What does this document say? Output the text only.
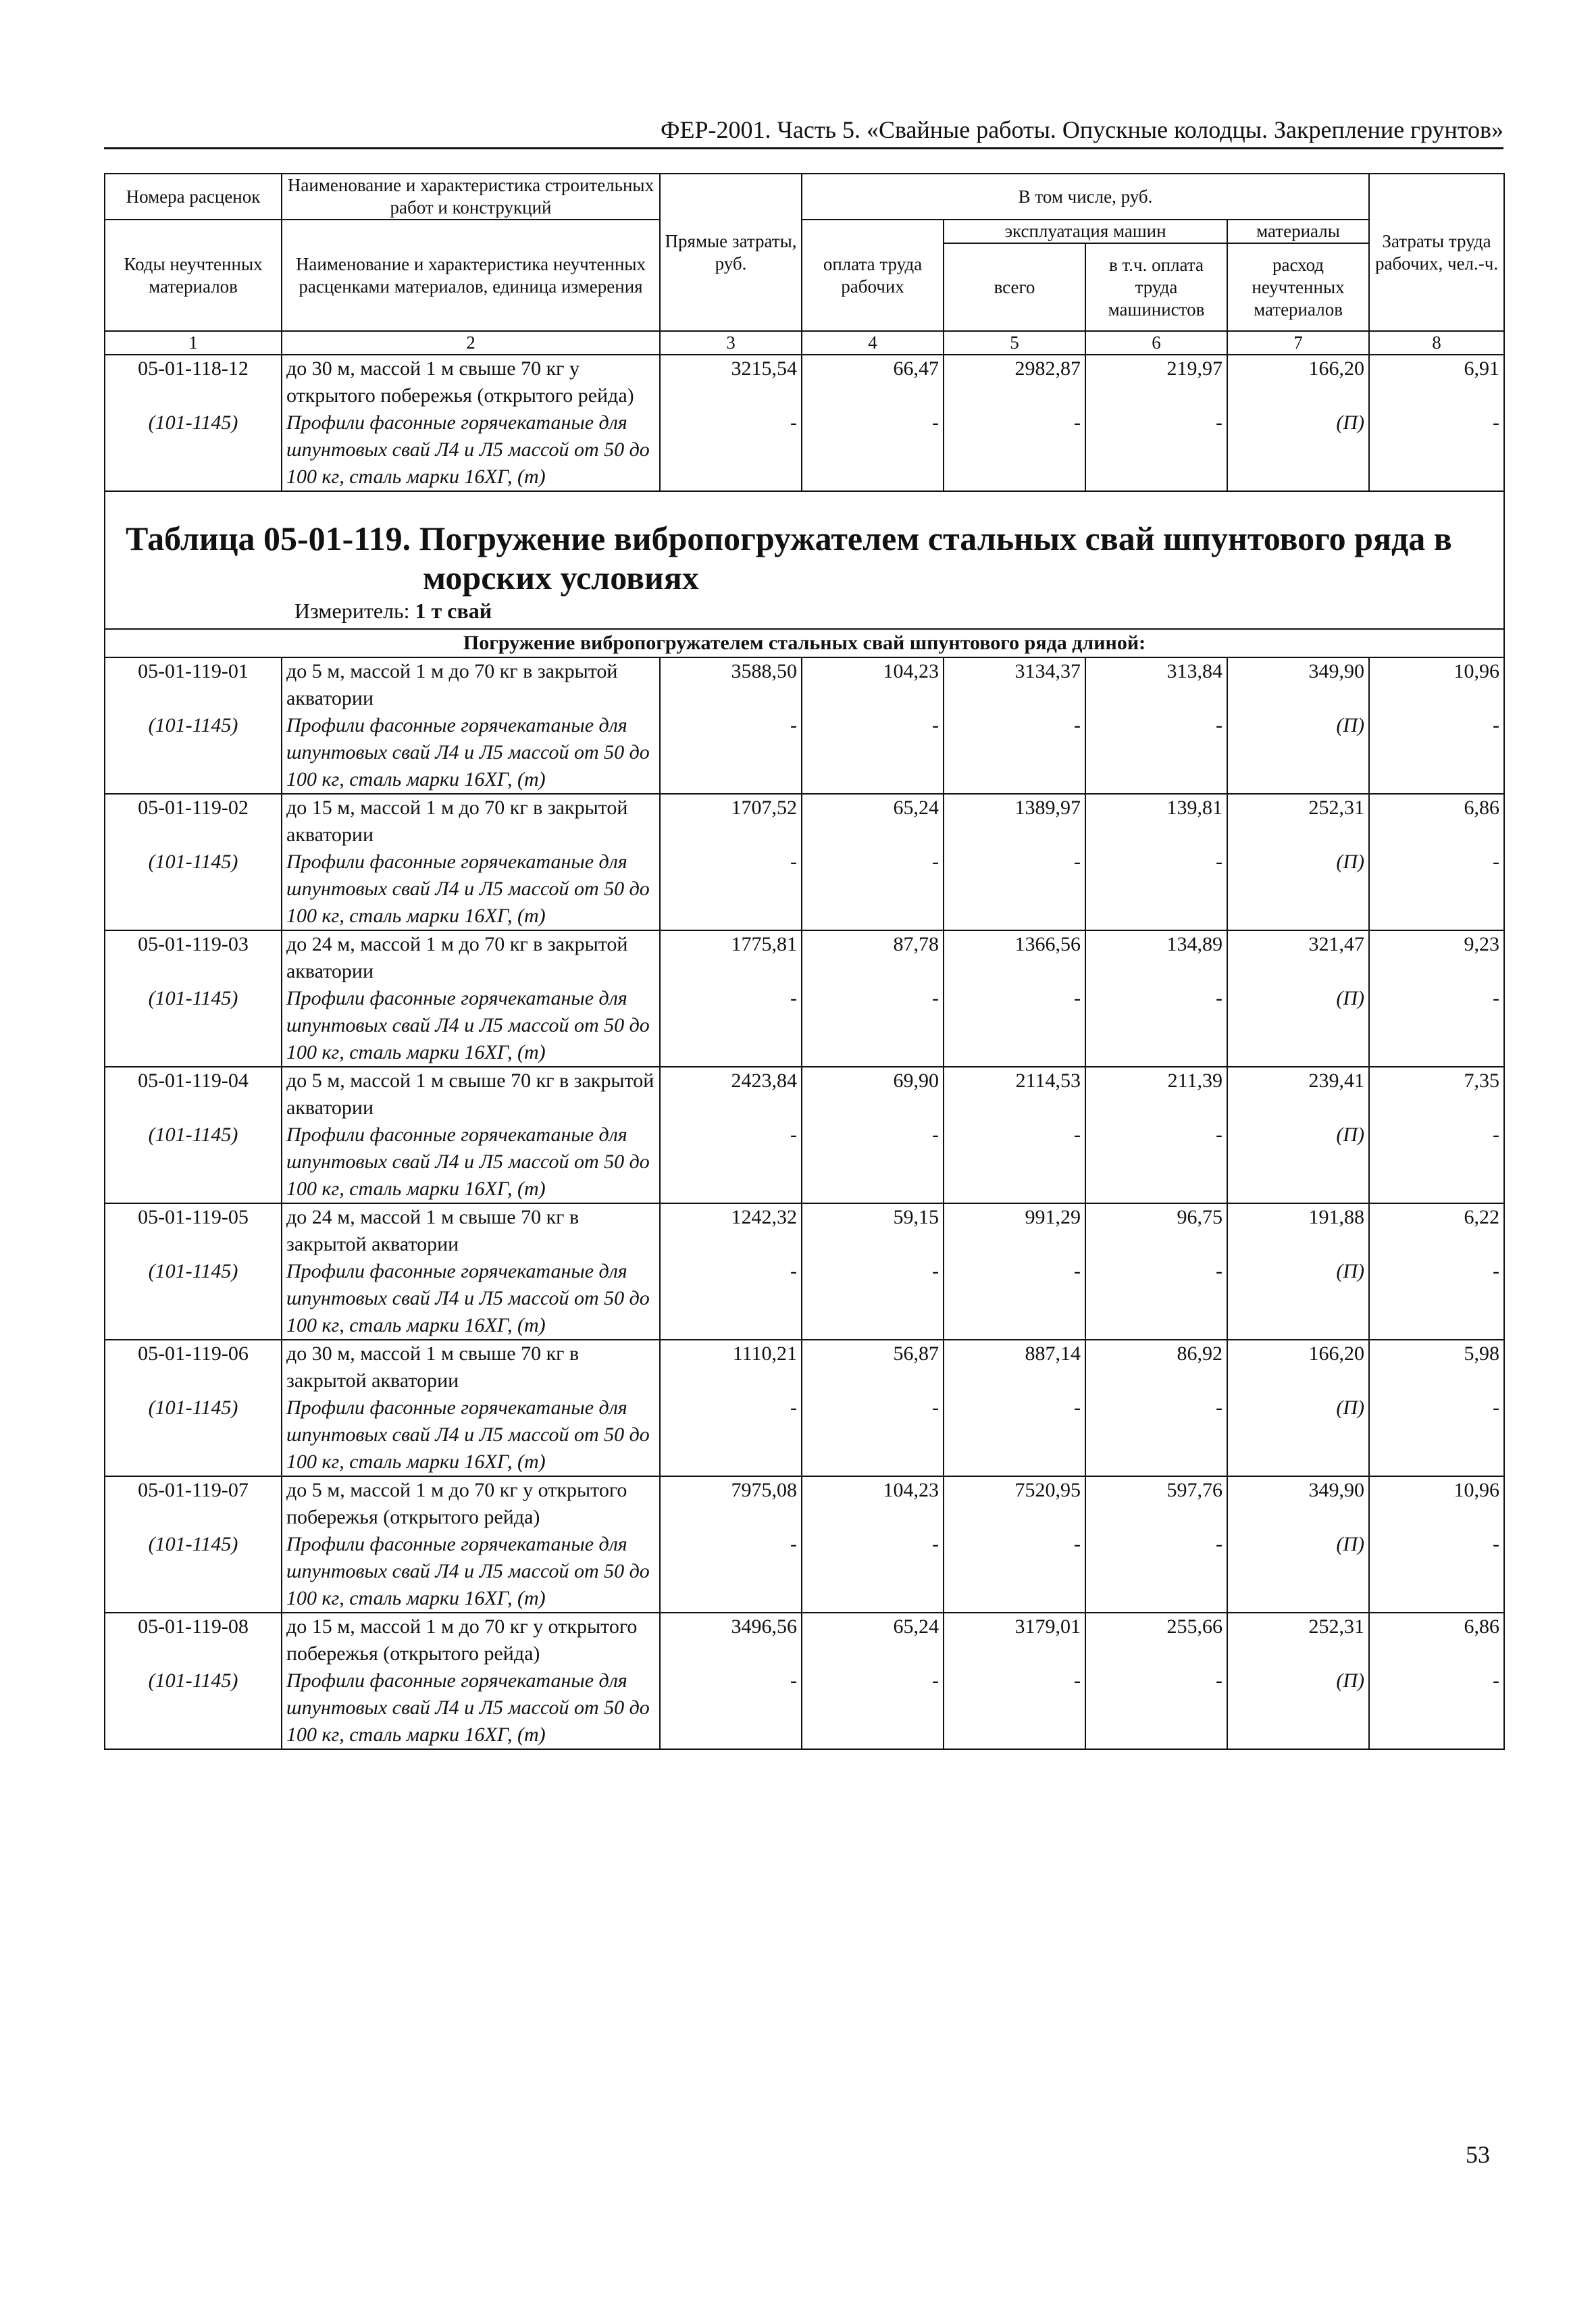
ФЕР-2001. Часть 5. «Свайные работы. Опускные колодцы. Закрепление грунтов»
Номера расценок	Наименование и характеристика строительных работ и конструкций	Прямые затраты, руб.	В том числе, руб.				Затраты труда рабочих, чел.-ч.
Коды неучтенных материалов	Наименование и характеристика неучтенных расценками материалов, единица измерения		оплата труда рабочих	эксплуатация машин		материалы	
				всего	в т.ч. оплата труда машинистов	расход неучтенных материалов	
1	2	3	4	5	6	7	8
05-01-118-12	до 30 м, массой 1 м свыше 70 кг у открытого побережья (открытого рейда)	3215,54	66,47	2982,87	219,97	166,20	6,91
(101-1145)	Профили фасонные горячекатаные для шпунтовых свай Л4 и Л5 массой от 50 до 100 кг, сталь марки 16ХГ, (т)	-	-	-	-	(П)	-

Таблица 05-01-119. Погружение вибропогружателем стальных свай шпунтового ряда в
морских условиях
Измеритель: 1 т свай							

Погружение вибропогружателем стальных свай шпунтового ряда длиной:							
05-01-119-01	до 5 м, массой 1 м до 70 кг в закрытой акватории	3588,50	104,23	3134,37	313,84	349,90	10,96
(101-1145)	Профили фасонные горячекатаные для шпунтовых свай Л4 и Л5 массой от 50 до 100 кг, сталь марки 16ХГ, (т)	-	-	-	-	(П)	-
05-01-119-02	до 15 м, массой 1 м до 70 кг в закрытой акватории	1707,52	65,24	1389,97	139,81	252,31	6,86
(101-1145)	Профили фасонные горячекатаные для шпунтовых свай Л4 и Л5 массой от 50 до 100 кг, сталь марки 16ХГ, (т)	-	-	-	-	(П)	-
05-01-119-03	до 24 м, массой 1 м до 70 кг в закрытой акватории	1775,81	87,78	1366,56	134,89	321,47	9,23
(101-1145)	Профили фасонные горячекатаные для шпунтовых свай Л4 и Л5 массой от 50 до 100 кг, сталь марки 16ХГ, (т)	-	-	-	-	(П)	-
05-01-119-04	до 5 м, массой 1 м свыше 70 кг в закрытой акватории	2423,84	69,90	2114,53	211,39	239,41	7,35
(101-1145)	Профили фасонные горячекатаные для шпунтовых свай Л4 и Л5 массой от 50 до 100 кг, сталь марки 16ХГ, (т)	-	-	-	-	(П)	-
05-01-119-05	до 24 м, массой 1 м свыше 70 кг в закрытой акватории	1242,32	59,15	991,29	96,75	191,88	6,22
(101-1145)	Профили фасонные горячекатаные для шпунтовых свай Л4 и Л5 массой от 50 до 100 кг, сталь марки 16ХГ, (т)	-	-	-	-	(П)	-
05-01-119-06	до 30 м, массой 1 м свыше 70 кг в закрытой акватории	1110,21	56,87	887,14	86,92	166,20	5,98
(101-1145)	Профили фасонные горячекатаные для шпунтовых свай Л4 и Л5 массой от 50 до 100 кг, сталь марки 16ХГ, (т)	-	-	-	-	(П)	-
05-01-119-07	до 5 м, массой 1 м до 70 кг у открытого побережья (открытого рейда)	7975,08	104,23	7520,95	597,76	349,90	10,96
(101-1145)	Профили фасонные горячекатаные для шпунтовых свай Л4 и Л5 массой от 50 до 100 кг, сталь марки 16ХГ, (т)	-	-	-	-	(П)	-
05-01-119-08	до 15 м, массой 1 м до 70 кг у открытого побережья (открытого рейда)	3496,56	65,24	3179,01	255,66	252,31	6,86
(101-1145)	Профили фасонные горячекатаные для шпунтовых свай Л4 и Л5 массой от 50 до 100 кг, сталь марки 16ХГ, (т)	-	-	-	-	(П)	-
53
